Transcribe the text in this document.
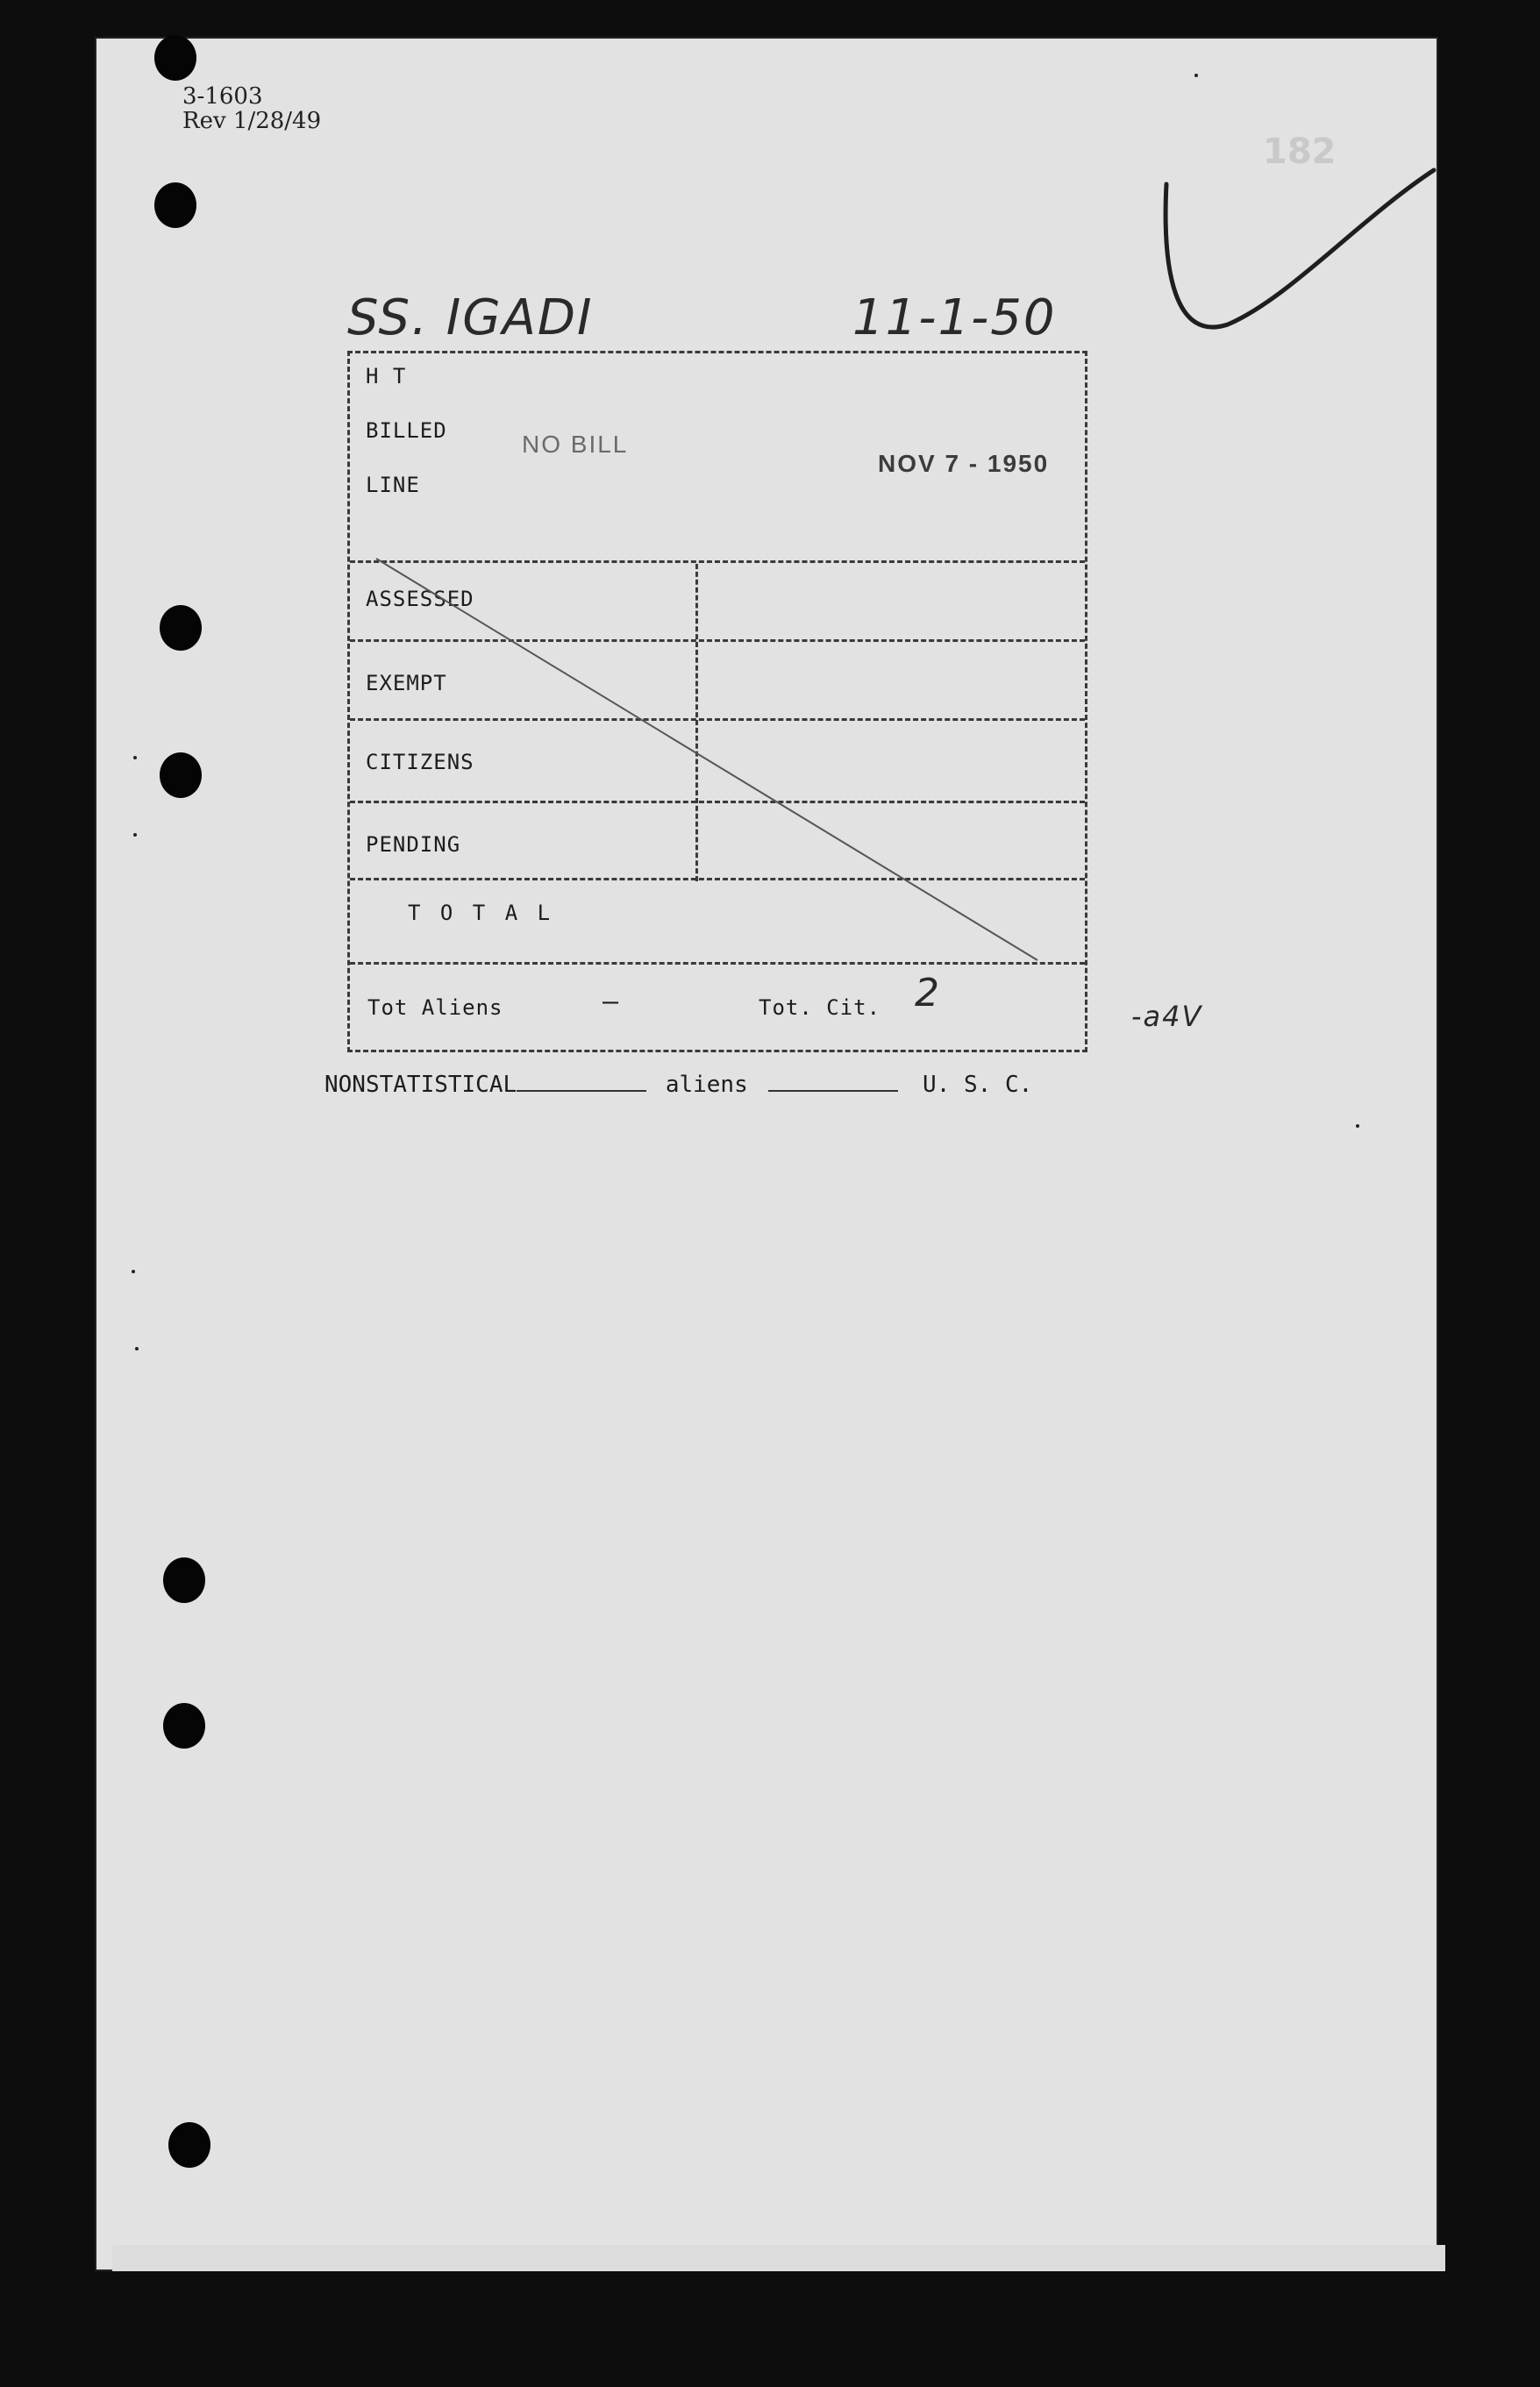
3-1603
Rev 1/28/49
182
SS. IGADI	11-1-50
H T
BILLED
LINE
NO BILL
NOV 7 - 1950
ASSESSED
EXEMPT
CITIZENS
PENDING
T O T A L
Tot Aliens	—	Tot. Cit. 2
-a4V
NONSTATISTICAL	aliens	U. S. C.
